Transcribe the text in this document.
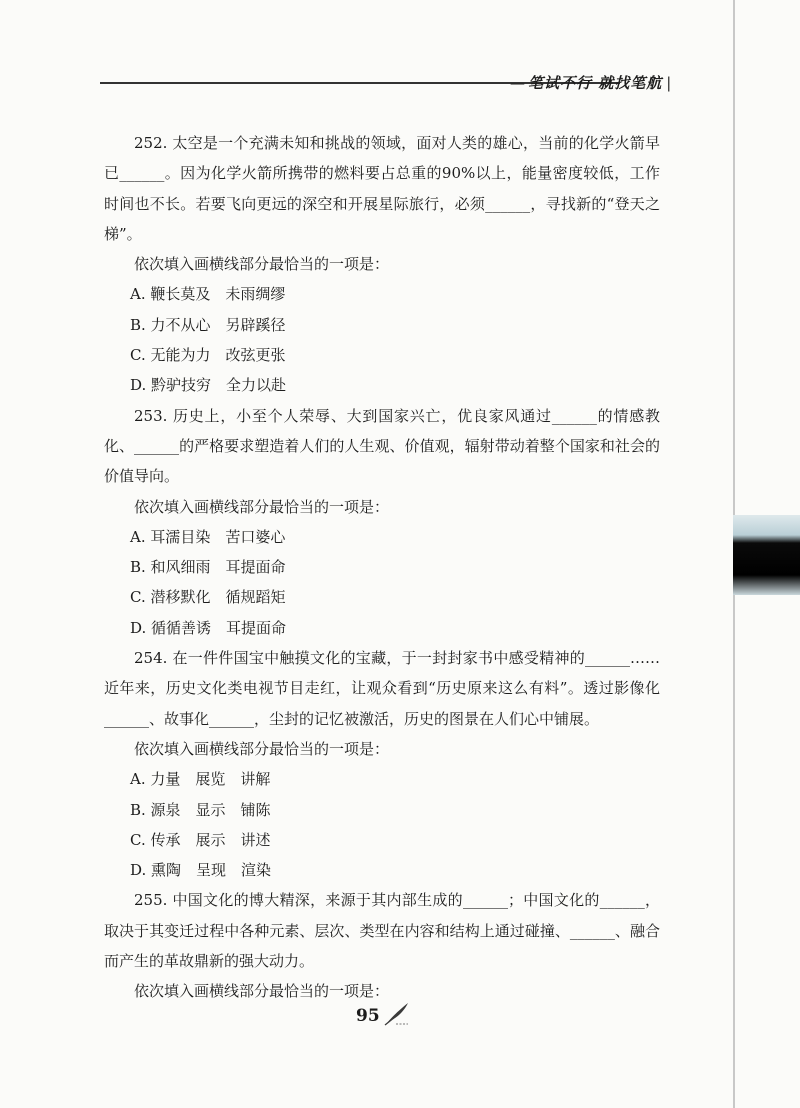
— 笔试不行 就找笔航 |

252. 太空是一个充满未知和挑战的领域，面对人类的雄心，当前的化学火箭早已______。因为化学火箭所携带的燃料要占总重的90%以上，能量密度较低，工作时间也不长。若要飞向更远的深空和开展星际旅行，必须______，寻找新的“登天之梯”。

依次填入画横线部分最恰当的一项是：

A. 鞭长莫及　未雨绸缪

B. 力不从心　另辟蹊径

C. 无能为力　改弦更张

D. 黔驴技穷　全力以赴

253. 历史上，小至个人荣辱、大到国家兴亡，优良家风通过______的情感教化、______的严格要求塑造着人们的人生观、价值观，辐射带动着整个国家和社会的价值导向。

依次填入画横线部分最恰当的一项是：

A. 耳濡目染　苦口婆心

B. 和风细雨　耳提面命

C. 潜移默化　循规蹈矩

D. 循循善诱　耳提面命

254. 在一件件国宝中触摸文化的宝藏，于一封封家书中感受精神的______……近年来，历史文化类电视节目走红，让观众看到“历史原来这么有料”。透过影像化______、故事化______，尘封的记忆被激活，历史的图景在人们心中铺展。

依次填入画横线部分最恰当的一项是：

A. 力量　展览　讲解

B. 源泉　显示　铺陈

C. 传承　展示　讲述

D. 熏陶　呈现　渲染

255. 中国文化的博大精深，来源于其内部生成的______；中国文化的______，取决于其变迁过程中各种元素、层次、类型在内容和结构上通过碰撞、______、融合而产生的革故鼎新的强大动力。

依次填入画横线部分最恰当的一项是：

95
